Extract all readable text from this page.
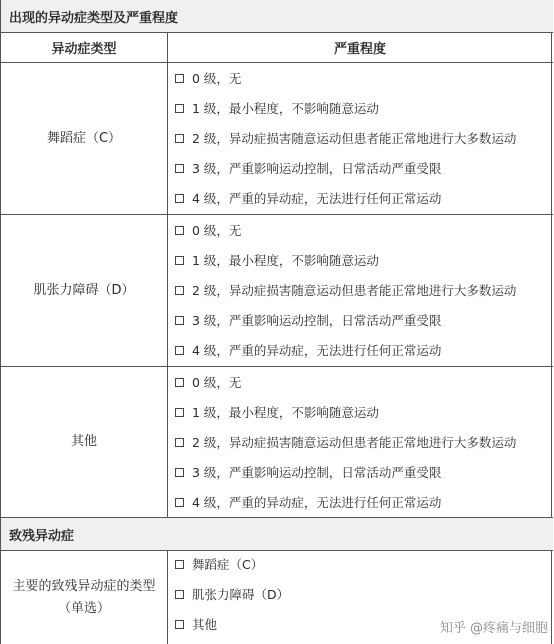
出现的异动症类型及严重程度
异动症类型	严重程度
舞蹈症（C）
0 级，无
1 级，最小程度，不影响随意运动
2 级，异动症损害随意运动但患者能正常地进行大多数运动
3 级，严重影响运动控制，日常活动严重受限
4 级，严重的异动症，无法进行任何正常运动
肌张力障碍（D）
0 级，无
1 级，最小程度，不影响随意运动
2 级，异动症损害随意运动但患者能正常地进行大多数运动
3 级，严重影响运动控制，日常活动严重受限
4 级，严重的异动症，无法进行任何正常运动
其他
0 级，无
1 级，最小程度，不影响随意运动
2 级，异动症损害随意运动但患者能正常地进行大多数运动
3 级，严重影响运动控制，日常活动严重受限
4 级，严重的异动症，无法进行任何正常运动
致残异动症
主要的致残异动症的类型
（单选）
舞蹈症（C）
肌张力障碍（D）
其他	知乎 @疼痛与细胞
